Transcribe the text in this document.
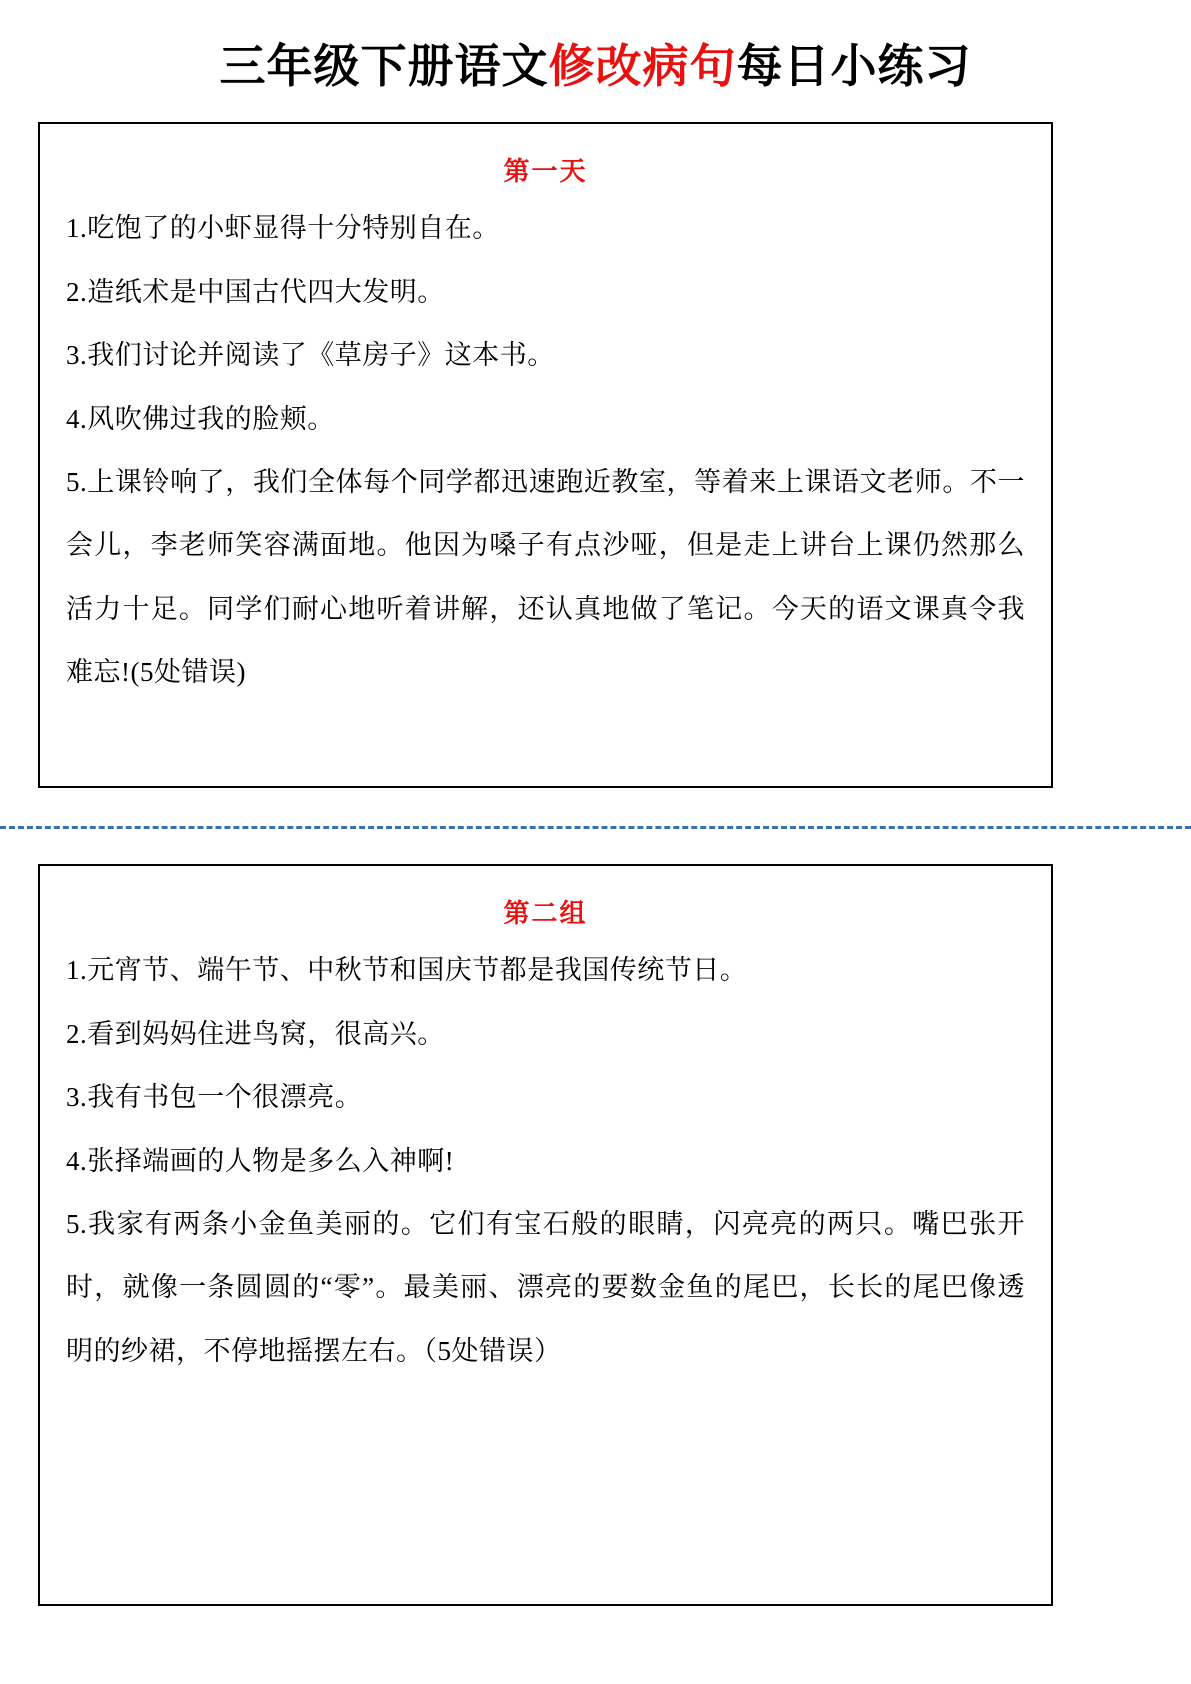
三年级下册语文修改病句每日小练习
第一天
1.吃饱了的小虾显得十分特别自在。
2.造纸术是中国古代四大发明。
3.我们讨论并阅读了《草房子》这本书。
4.风吹佛过我的脸颊。
5.上课铃响了，我们全体每个同学都迅速跑近教室，等着来上课语文老师。不一会儿，李老师笑容满面地。他因为嗓子有点沙哑，但是走上讲台上课仍然那么活力十足。同学们耐心地听着讲解，还认真地做了笔记。今天的语文课真令我难忘!(5处错误)
第二组
1.元宵节、端午节、中秋节和国庆节都是我国传统节日。
2.看到妈妈住进鸟窝，很高兴。
3.我有书包一个很漂亮。
4.张择端画的人物是多么入神啊!
5.我家有两条小金鱼美丽的。它们有宝石般的眼睛，闪亮亮的两只。嘴巴张开时，就像一条圆圆的“零”。最美丽、漂亮的要数金鱼的尾巴，长长的尾巴像透明的纱裙，不停地摇摆左右。（5处错误）
